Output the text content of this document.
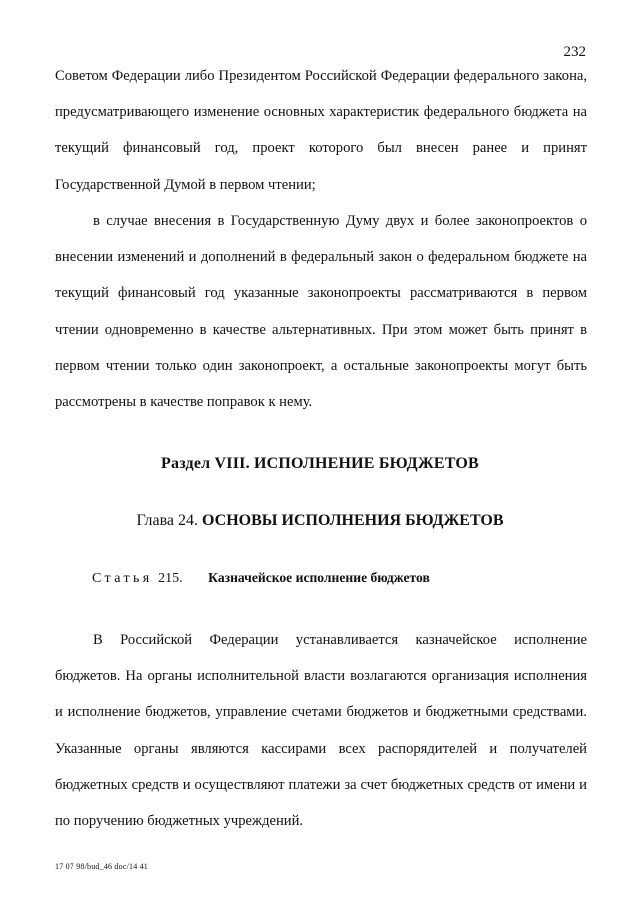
232

Советом Федерации либо Президентом Российской Федерации федерального закона, предусматривающего изменение основных характеристик федерального бюджета на текущий финансовый год, проект которого был внесен ранее и принят Государственной Думой в первом чтении;

в случае внесения в Государственную Думу двух и более законопроектов о внесении изменений и дополнений в федеральный закон о федеральном бюджете на текущий финансовый год указанные законопроекты рассматриваются в первом чтении одновременно в качестве альтернативных. При этом может быть принят в первом чтении только один законопроект, а остальные законопроекты могут быть рассмотрены в качестве поправок к нему.

Раздел VIII. ИСПОЛНЕНИЕ БЮДЖЕТОВ
Глава 24. ОСНОВЫ ИСПОЛНЕНИЯ БЮДЖЕТОВ
Статья 215. Казначейское исполнение бюджетов

В Российской Федерации устанавливается казначейское исполнение бюджетов. На органы исполнительной власти возлагаются организация исполнения и исполнение бюджетов, управление счетами бюджетов и бюджетными средствами. Указанные органы являются кассирами всех распорядителей и получателей бюджетных средств и осуществляют платежи за счет бюджетных средств от имени и по поручению бюджетных учреждений.

17 07 98/bud_46 doc/14 41
